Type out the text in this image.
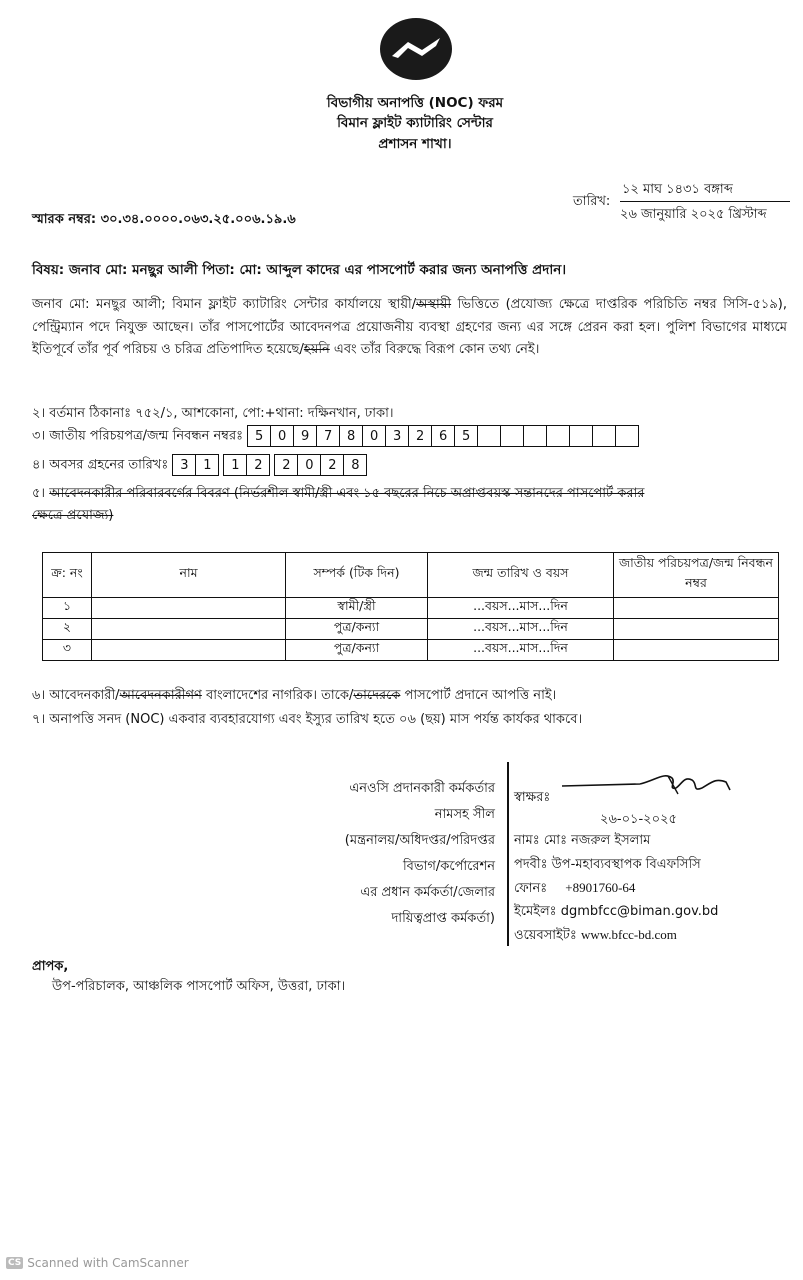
বিভাগীয় অনাপত্তি (NOC) ফরম
বিমান ফ্লাইট ক্যাটারিং সেন্টার
প্রশাসন শাখা।
তারিখ:
১২ মাঘ ১৪৩১ বঙ্গাব্দ
২৬ জানুয়ারি ২০২৫ খ্রিস্টাব্দ
স্মারক নম্বর: ৩০.৩৪.০০০০.০৬৩.২৫.০০৬.১৯.৬
বিষয়: জনাব মো: মনছুর আলী পিতা: মো: আব্দুল কাদের এর পাসপোর্ট করার জন্য অনাপত্তি প্রদান।
জনাব মো: মনছুর আলী; বিমান ফ্লাইট ক্যাটারিং সেন্টার কার্যালয়ে স্থায়ী/অস্থায়ী ভিত্তিতে (প্রযোজ্য ক্ষেত্রে দাপ্তরিক পরিচিতি নম্বর সিসি-৫১৯), পেন্ট্রিম্যান পদে নিযুক্ত আছেন। তাঁর পাসপোর্টের আবেদনপত্র প্রয়োজনীয় ব্যবস্থা গ্রহণের জন্য এর সঙ্গে প্রেরন করা হল। পুলিশ বিভাগের মাধ্যমে ইতিপূর্বে তাঁর পূর্ব পরিচয় ও চরিত্র প্রতিপাদিত হয়েছে/হয়নি এবং তাঁর বিরুদ্ধে বিরূপ কোন তথ্য নেই।
২। বর্তমান ঠিকানাঃ ৭৫২/১, আশকোনা, পো:+থানা: দক্ষিনখান, ঢাকা।
৩। জাতীয় পরিচয়পত্র/জন্ম নিবন্ধন নম্বরঃ 5	0	9	7	8	0	3	2	6	5
৪। অবসর গ্রহনের তারিখঃ 3	1	1	2	2	0	2	8
৫। আবেদনকারীর পরিবারবর্গের বিবরণ (নির্ভরশীল স্বামী/স্ত্রী এবং ১৫ বছরের নিচে অপ্রাপ্তবয়স্ক সন্তানদের পাসপোর্ট করার
ক্ষেত্রে প্রযোজ্য)
ক্র: নং	নাম	সম্পর্ক (টিক দিন)	জন্ম তারিখ ও বয়স	জাতীয় পরিচয়পত্র/জন্ম নিবন্ধন নম্বর
১		স্বামী/স্ত্রী	...বয়স...মাস...দিন	
২		পুত্র/কন্যা	...বয়স...মাস...দিন	
৩		পুত্র/কন্যা	...বয়স...মাস...দিন	
৬। আবেদনকারী/আবেদনকারীগণ বাংলাদেশের নাগরিক। তাকে/তাদেরকে পাসপোর্ট প্রদানে আপত্তি নাই।
৭। অনাপত্তি সনদ (NOC) একবার ব্যবহারযোগ্য এবং ইস্যুর তারিখ হতে ০৬ (ছয়) মাস পর্যন্ত কার্যকর থাকবে।
এনওসি প্রদানকারী কর্মকর্তার
নামসহ সীল
(মন্ত্রনালয়/অধিদপ্তর/পরিদপ্তর
বিভাগ/কর্পোরেশন
এর প্রধান কর্মকর্তা/জেলার
দায়িত্বপ্রাপ্ত কর্মকর্তা)
স্বাক্ষরঃ
২৬-০১-২০২৫
নামঃ মোঃ নজরুল ইসলাম
পদবীঃ উপ-মহাব্যবস্থাপক বিএফসিসি
ফোনঃ +8901760-64
ইমেইলঃ dgmbfcc@biman.gov.bd
ওয়েবসাইটঃ www.bfcc-bd.com
প্রাপক,
উপ-পরিচালক, আঞ্চলিক পাসপোর্ট অফিস, উত্তরা, ঢাকা।
CS Scanned with CamScanner
